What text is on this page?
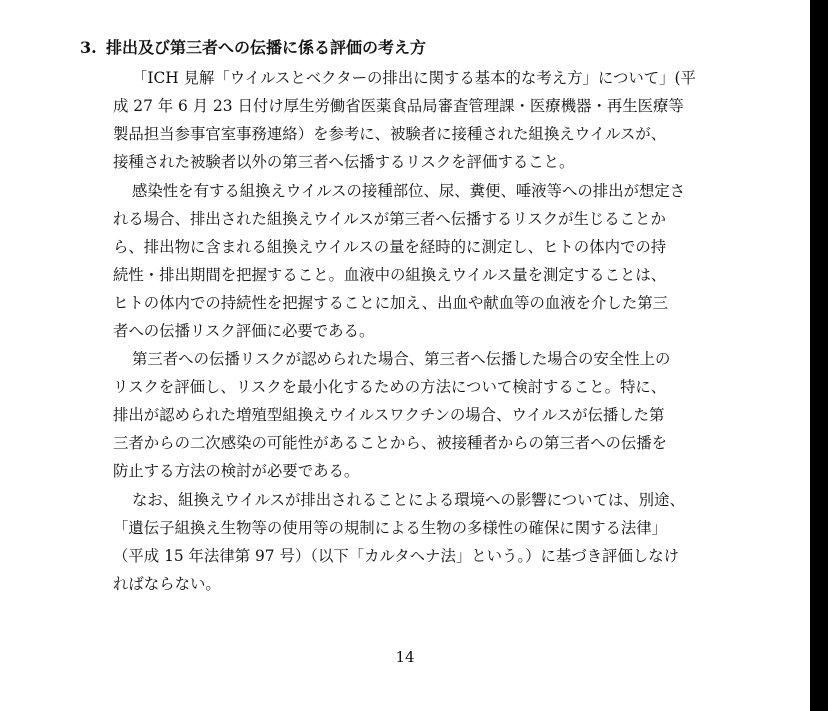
3. 排出及び第三者への伝播に係る評価の考え方
「ICH 見解「ウイルスとベクターの排出に関する基本的な考え方」について」(平
成 27 年 6 月 23 日付け厚生労働省医薬食品局審査管理課・医療機器・再生医療等
製品担当参事官室事務連絡）を参考に、被験者に接種された組換えウイルスが、
接種された被験者以外の第三者へ伝播するリスクを評価すること。
感染性を有する組換えウイルスの接種部位、尿、糞便、唾液等への排出が想定さ
れる場合、排出された組換えウイルスが第三者へ伝播するリスクが生じることか
ら、排出物に含まれる組換えウイルスの量を経時的に測定し、ヒトの体内での持
続性・排出期間を把握すること。血液中の組換えウイルス量を測定することは、
ヒトの体内での持続性を把握することに加え、出血や献血等の血液を介した第三
者への伝播リスク評価に必要である。
第三者への伝播リスクが認められた場合、第三者へ伝播した場合の安全性上の
リスクを評価し、リスクを最小化するための方法について検討すること。特に、
排出が認められた増殖型組換えウイルスワクチンの場合、ウイルスが伝播した第
三者からの二次感染の可能性があることから、被接種者からの第三者への伝播を
防止する方法の検討が必要である。
なお、組換えウイルスが排出されることによる環境への影響については、別途、
「遺伝子組換え生物等の使用等の規制による生物の多様性の確保に関する法律」
（平成 15 年法律第 97 号）（以下「カルタヘナ法」という。）に基づき評価しなけ
ればならない。
14
